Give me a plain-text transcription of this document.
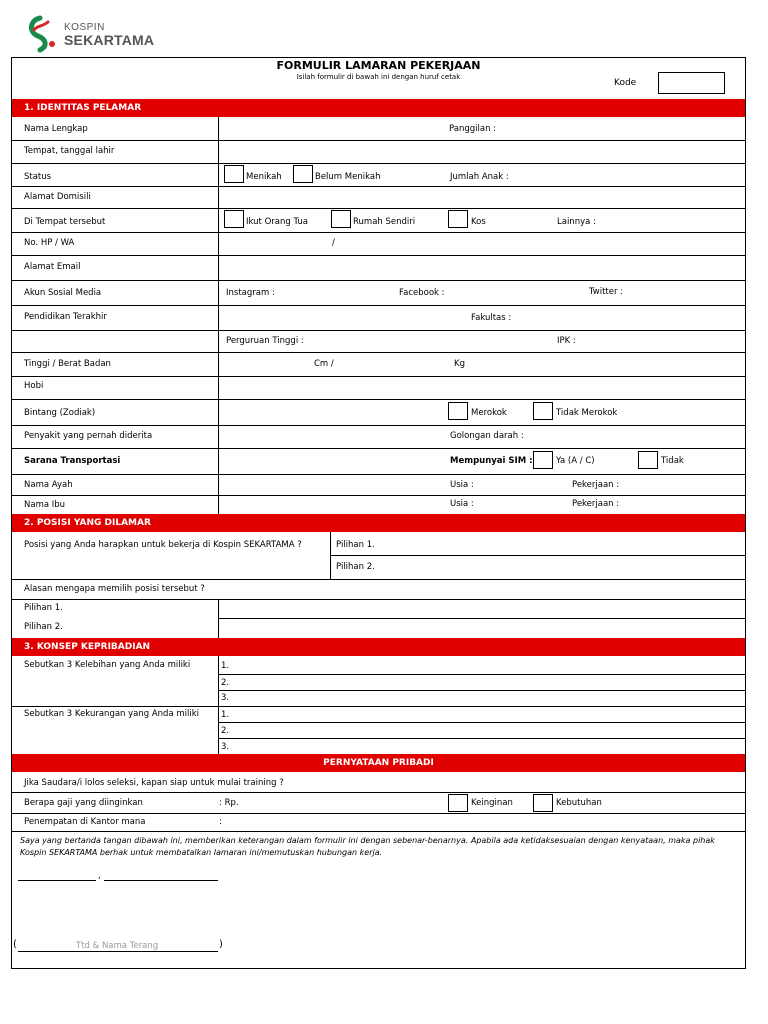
KOSPIN
SEKARTAMA
FORMULIR LAMARAN PEKERJAAN
Isilah formulir di bawah ini dengan huruf cetak
Kode
1. IDENTITAS PELAMAR
Nama Lengkap	Panggilan :
Tempat, tanggal lahir
Status	Menikah	Belum Menikah	Jumlah Anak :
Alamat Domisili
Di Tempat tersebut	Ikut Orang Tua	Rumah Sendiri	Kos	Lainnya :
No. HP / WA	/
Alamat Email
Akun Sosial Media	Instagram :	Facebook :	Twitter :
Pendidikan Terakhir	Fakultas :
Perguruan Tinggi :	IPK :
Tinggi / Berat Badan	Cm /	Kg
Hobi
Bintang (Zodiak)	Merokok	Tidak Merokok
Penyakit yang pernah diderita	Golongan darah :
Sarana Transportasi	Mempunyai SIM :	Ya (A / C)	Tidak
Nama Ayah	Usia :	Pekerjaan :
Nama Ibu	Usia :	Pekerjaan :
2. POSISI YANG DILAMAR
Posisi yang Anda harapkan untuk bekerja di Kospin SEKARTAMA ?	Pilihan 1.
Pilihan 2.
Alasan mengapa memilih posisi tersebut ?
Pilihan 1.
Pilihan 2.
3. KONSEP KEPRIBADIAN
Sebutkan 3 Kelebihan yang Anda miliki	1.
2.
3.
Sebutkan 3 Kekurangan yang Anda miliki	1.
2.
3.
PERNYATAAN PRIBADI
Jika Saudara/i lolos seleksi, kapan siap untuk mulai training ?
Berapa gaji yang diinginkan	: Rp.	Keinginan	Kebutuhan
Penempatan di Kantor mana	:
Saya yang bertanda tangan dibawah ini, memberikan keterangan dalam formulir ini dengan sebenar-benarnya. Apabila ada ketidaksesuaian dengan kenyataan, maka pihak Kospin SEKARTAMA berhak untuk membatalkan lamaran ini/memutuskan hubungan kerja.
,
(	Ttd & Nama Terang	)
